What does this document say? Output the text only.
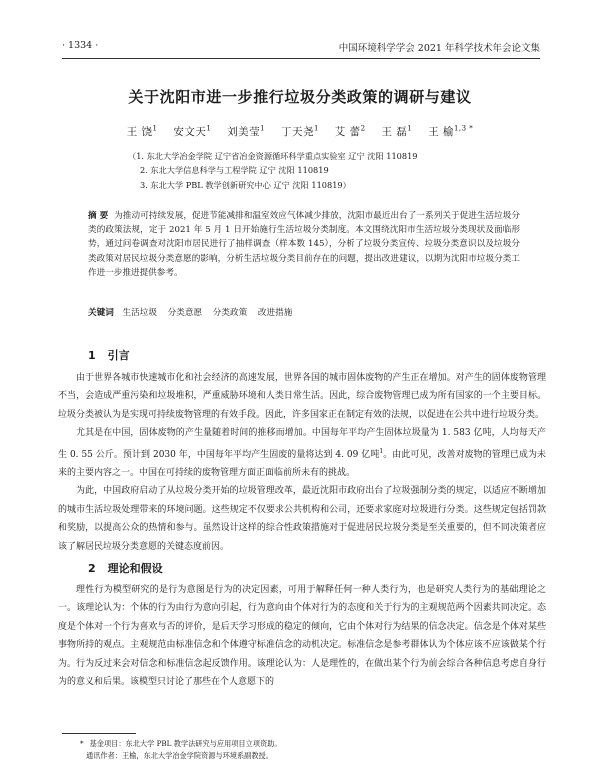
· 1334 ·	中国环境科学学会 2021 年科学技术年会论文集
关于沈阳市进一步推行垃圾分类政策的调研与建议
王 饶$^1$ 安文天$^1$ 刘美莹$^1$ 丁天尧$^1$ 艾 蕾$^2$ 王 磊$^1$ 王 榆$^{1,3 *}$
（1. 东北大学冶金学院 辽宁省冶金资源循环科学重点实验室 辽宁 沈阳 110819
2. 东北大学信息科学与工程学院 辽宁 沈阳 110819
3. 东北大学 PBL 教学创新研究中心 辽宁 沈阳 110819）
摘 要 为推动可持续发展，促进节能减排和温室效应气体减少排放，沈阳市最近出台了一系列关于促进生活垃圾分类的政策法规，定于 2021 年 5 月 1 日开始施行生活垃圾分类制度。本文围绕沈阳市生活垃圾分类现状及面临形势，通过问卷调查对沈阳市居民进行了抽样调查（样本数 145），分析了垃圾分类宣传、垃圾分类意识以及垃圾分类政策对居民垃圾分类意愿的影响，分析生活垃圾分类目前存在的问题，提出改进建议，以期为沈阳市垃圾分类工作进一步推进提供参考。
关键词 生活垃圾 分类意愿 分类政策 改进措施
1 引言

由于世界各城市快速城市化和社会经济的高速发展，世界各国的城市固体废物的产生正在增加。对产生的固体废物管理不当，会造成严重污染和垃圾堆积，严重威胁环境和人类日常生活。因此，综合废物管理已成为所有国家的一个主要目标。垃圾分类被认为是实现可持续废物管理的有效手段。因此，许多国家正在制定有效的法规，以促进在公共中进行垃圾分类。

尤其是在中国，固体废物的产生量随着时间的推移而增加。中国每年平均产生固体垃圾量为 1. 583 亿吨，人均每天产生 0. 55 公斤。预计到 2030 年，中国每年平均产生固废的量将达到 4. 09 亿吨$^1$。由此可见，改善对废物的管理已成为未来的主要内容之一。中国在可持续的废物管理方面正面临前所未有的挑战。

为此，中国政府启动了从垃圾分类开始的垃圾管理改革，最近沈阳市政府出台了垃圾强制分类的规定，以适应不断增加的城市生活垃圾处理带来的环境问题。这些规定不仅要求公共机构和公司，还要求家庭对垃圾进行分类。这些规定包括罚款和奖励，以提高公众的热情和参与。虽然设计这样的综合性政策措施对于促进居民垃圾分类是至关重要的，但不同决策者应该了解居民垃圾分类意愿的关键态度前因。

2 理论和假设

理性行为模型研究的是行为意图是行为的决定因素，可用于解释任何一种人类行为，也是研究人类行为的基础理论之一。该理论认为：个体的行为由行为意向引起，行为意向由个体对行为的态度和关于行为的主观规范两个因素共同决定。态度是个体对一个行为喜欢与否的评价，是后天学习形成的稳定的倾向，它由个体对行为结果的信念决定。信念是个体对某些事物所持的观点。主观规范由标准信念和个体遵守标准信念的动机决定。标准信念是参考群体认为个体应该不应该做某个行为。行为反过来会对信念和标准信念起反馈作用。该理论认为：人是理性的，在做出某个行为前会综合各种信息考虑自身行为的意义和后果。该模型只讨论了那些在个人意愿下的

* 基金项目：东北大学 PBL 教学法研究与应用项目立项资助。
通讯作者：王榆，东北大学冶金学院资源与环境系副教授。
